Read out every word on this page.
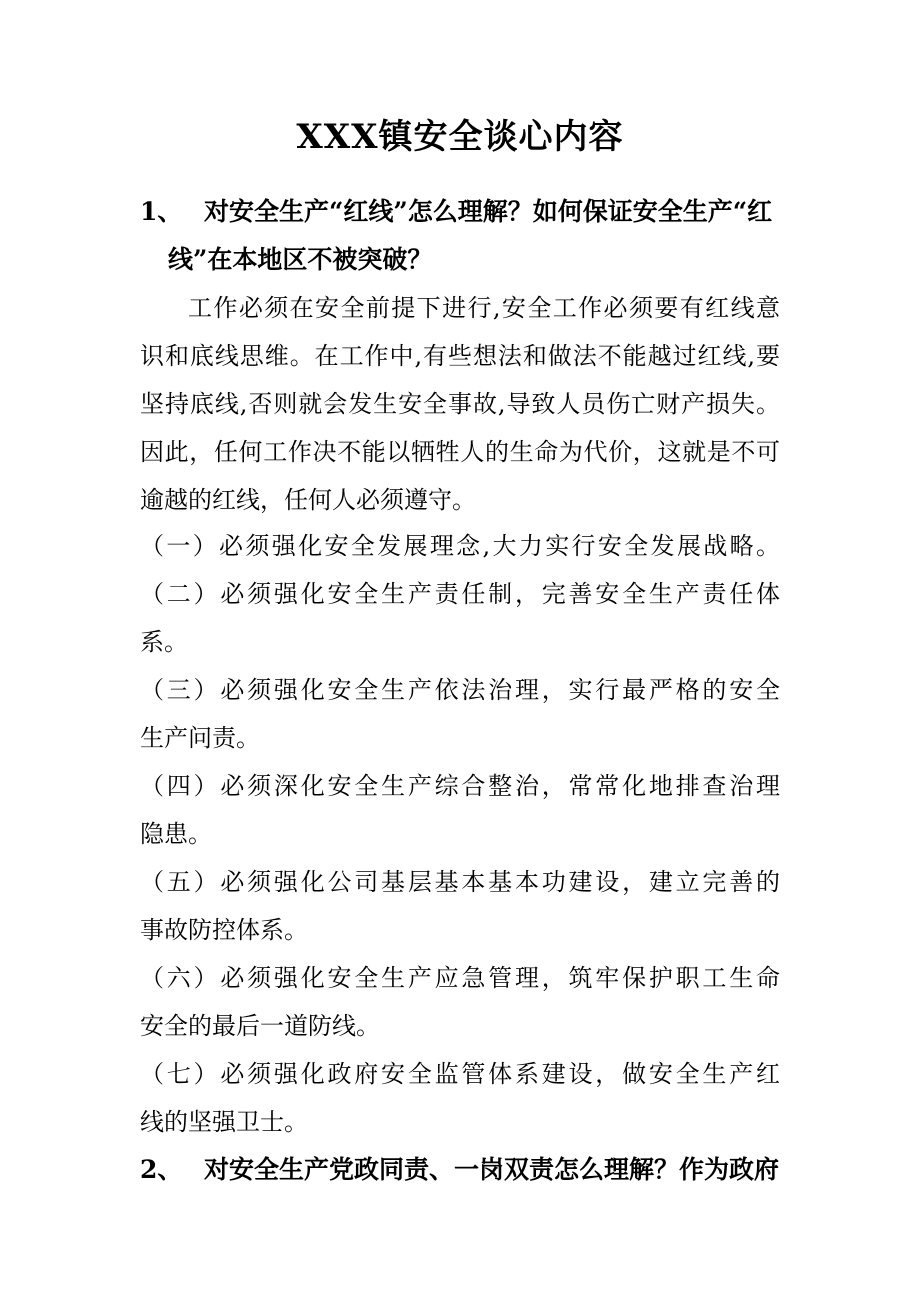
XXX镇安全谈心内容
1、 对安全生产“红线”怎么理解？如何保证安全生产“红
线”在本地区不被突破？
工作必须在安全前提下进行,安全工作必须要有红线意
识和底线思维。在工作中,有些想法和做法不能越过红线,要
坚持底线,否则就会发生安全事故,导致人员伤亡财产损失。
因此，任何工作决不能以牺牲人的生命为代价，这就是不可
逾越的红线，任何人必须遵守。
（一）必须强化安全发展理念,大力实行安全发展战略。
（二）必须强化安全生产责任制，完善安全生产责任体
系。
（三）必须强化安全生产依法治理，实行最严格的安全
生产问责。
（四）必须深化安全生产综合整治，常常化地排查治理
隐患。
（五）必须强化公司基层基本基本功建设，建立完善的
事故防控体系。
（六）必须强化安全生产应急管理，筑牢保护职工生命
安全的最后一道防线。
（七）必须强化政府安全监管体系建设，做安全生产红
线的坚强卫士。
2、 对安全生产党政同责、一岗双责怎么理解？作为政府
